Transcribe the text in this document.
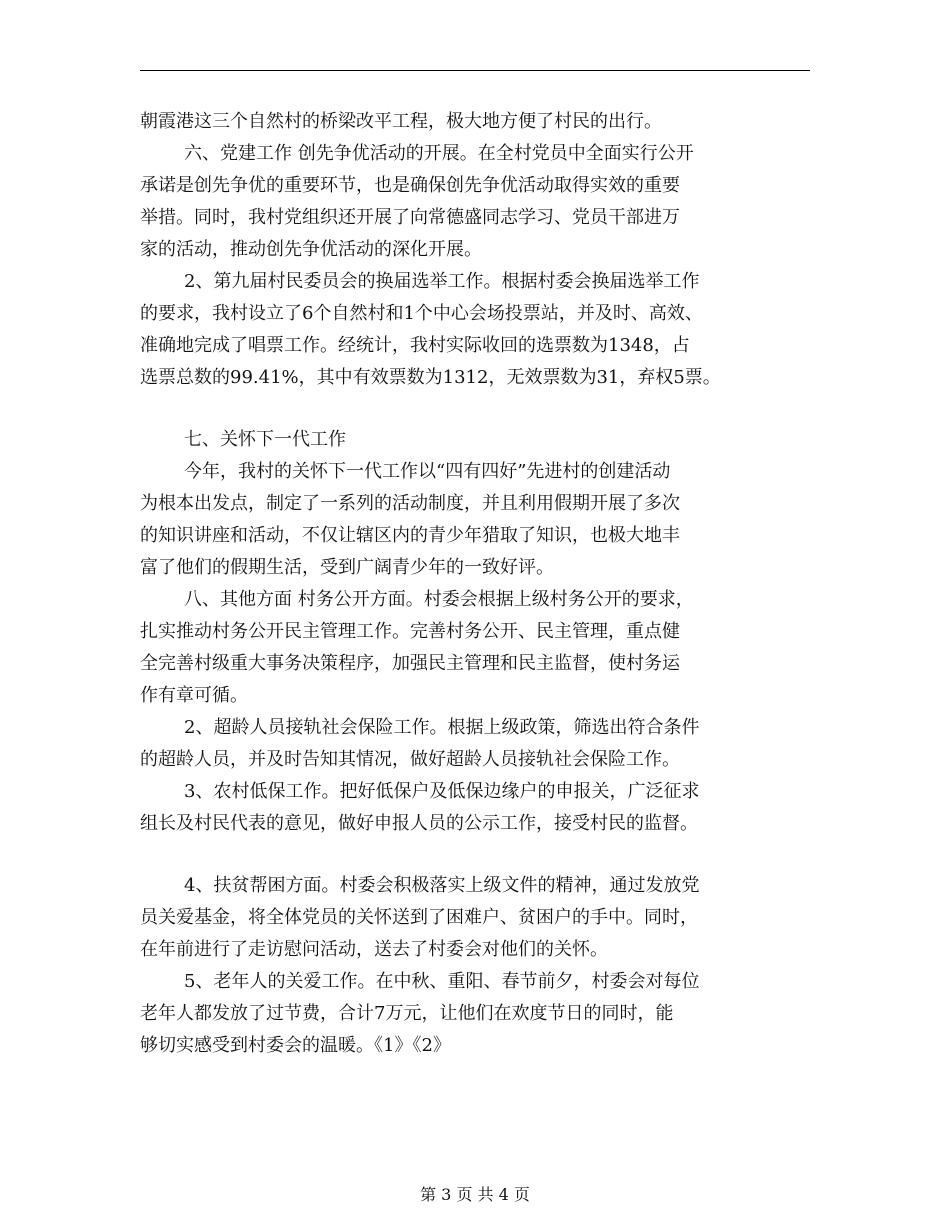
朝霞港这三个自然村的桥梁改平工程，极大地方便了村民的出行。
六、党建工作 创先争优活动的开展。在全村党员中全面实行公开
承诺是创先争优的重要环节，也是确保创先争优活动取得实效的重要
举措。同时，我村党组织还开展了向常德盛同志学习、党员干部进万
家的活动，推动创先争优活动的深化开展。
2、第九届村民委员会的换届选举工作。根据村委会换届选举工作
的要求，我村设立了6个自然村和1个中心会场投票站，并及时、高效、
准确地完成了唱票工作。经统计，我村实际收回的选票数为1348，占
选票总数的99.41%，其中有效票数为1312，无效票数为31，弃权5票。
七、关怀下一代工作
今年，我村的关怀下一代工作以“四有四好”先进村的创建活动
为根本出发点，制定了一系列的活动制度，并且利用假期开展了多次
的知识讲座和活动，不仅让辖区内的青少年猎取了知识，也极大地丰
富了他们的假期生活，受到广阔青少年的一致好评。
八、其他方面 村务公开方面。村委会根据上级村务公开的要求，
扎实推动村务公开民主管理工作。完善村务公开、民主管理，重点健
全完善村级重大事务决策程序，加强民主管理和民主监督，使村务运
作有章可循。
2、超龄人员接轨社会保险工作。根据上级政策，筛选出符合条件
的超龄人员，并及时告知其情况，做好超龄人员接轨社会保险工作。
3、农村低保工作。把好低保户及低保边缘户的申报关，广泛征求
组长及村民代表的意见，做好申报人员的公示工作，接受村民的监督。
4、扶贫帮困方面。村委会积极落实上级文件的精神，通过发放党
员关爱基金，将全体党员的关怀送到了困难户、贫困户的手中。同时，
在年前进行了走访慰问活动，送去了村委会对他们的关怀。
5、老年人的关爱工作。在中秋、重阳、春节前夕，村委会对每位
老年人都发放了过节费，合计7万元，让他们在欢度节日的同时，能
够切实感受到村委会的温暖。《1》《2》
第 3 页 共 4 页
